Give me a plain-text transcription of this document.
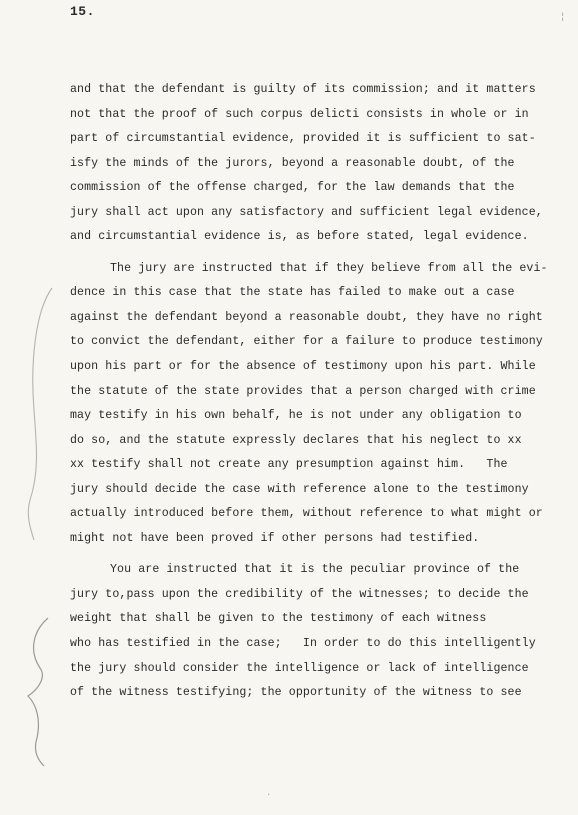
15.	¦
and that the defendant is guilty of its commission; and it matters
not that the proof of such corpus delicti consists in whole or in
part of circumstantial evidence, provided it is sufficient to sat-
isfy the minds of the jurors, beyond a reasonable doubt, of the
commission of the offense charged, for the law demands that the
jury shall act upon any satisfactory and sufficient legal evidence,
and circumstantial evidence is, as before stated, legal evidence.
The jury are instructed that if they believe from all the evi-
dence in this case that the state has failed to make out a case
against the defendant beyond a reasonable doubt, they have no right
to convict the defendant, either for a failure to produce testimony
upon his part or for the absence of testimony upon his part. While
the statute of the state provides that a person charged with crime
may testify in his own behalf, he is not under any obligation to
do so, and the statute expressly declares that his neglect to xx
xx testify shall not create any presumption against him.   The
jury should decide the case with reference alone to the testimony
actually introduced before them, without reference to what might or
might not have been proved if other persons had testified.
You are instructed that it is the peculiar province of the
jury to,pass upon the credibility of the witnesses; to decide the
weight that shall be given to the testimony of each witness
who has testified in the case;   In order to do this intelligently
the jury should consider the intelligence or lack of intelligence
of the witness testifying; the opportunity of the witness to see
·
